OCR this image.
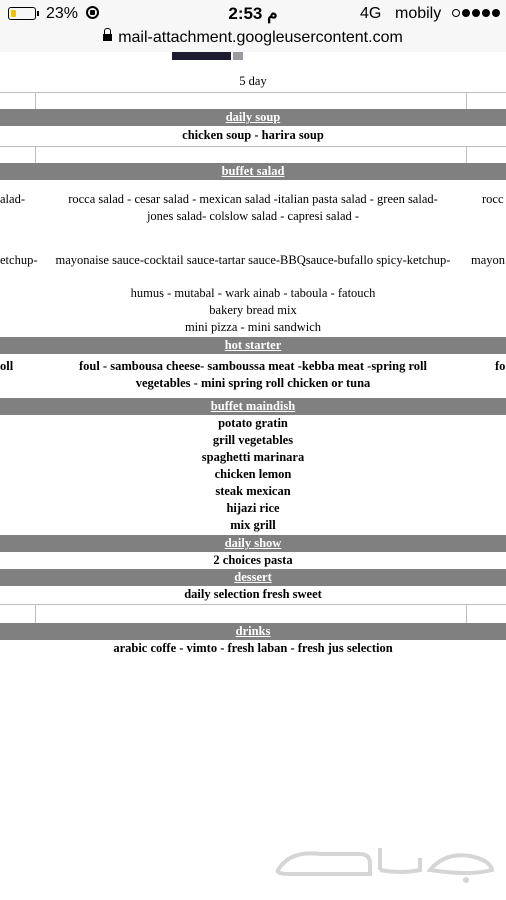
23%	2:53 م	4G mobily
mail-attachment.googleusercontent.com
5 day
daily soup
chicken soup - harira soup
buffet salad
alad-	rocca salad - cesar salad - mexican salad -italian pasta salad - green salad-	rocc
jones salad- colslow salad - capresi salad -
etchup-	mayonaise sauce-cocktail sauce-tartar sauce-BBQsauce-bufallo spicy-ketchup-	mayon
humus - mutabal - wark ainab - taboula - fatouch
bakery bread mix
mini pizza - mini sandwich
hot starter
oll	foul - sambousa cheese- samboussa meat -kebba meat -spring roll	fo
vegetables - mini spring roll chicken or tuna
buffet maindish
potato gratin
grill vegetables
spaghetti marinara
chicken lemon
steak mexican
hijazi rice
mix grill
daily show
2 choices pasta
dessert
daily selection fresh sweet
drinks
arabic coffe - vimto - fresh laban - fresh jus selection
